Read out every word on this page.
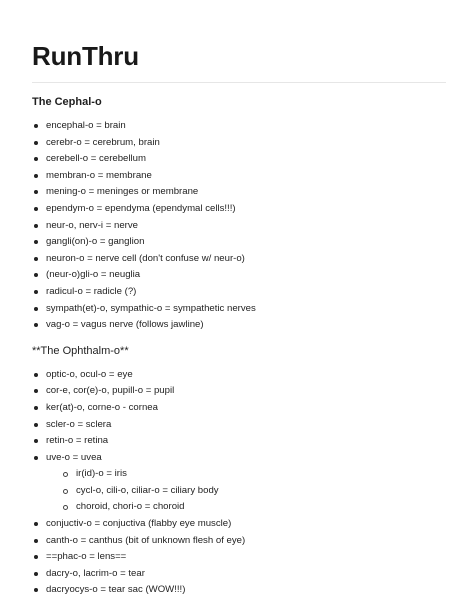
RunThru
The Cephal-o
encephal-o = brain
cerebr-o = cerebrum, brain
cerebell-o = cerebellum
membran-o = membrane
mening-o = meninges or membrane
ependym-o = ependyma (ependymal cells!!!)
neur-o, nerv-i = nerve
gangli(on)-o = ganglion
neuron-o = nerve cell (don't confuse w/ neur-o)
(neur-o)gli-o = neuglia
radicul-o = radicle (?)
sympath(et)-o, sympathic-o = sympathetic nerves
vag-o = vagus nerve (follows jawline)
**The Ophthalm-o**
optic-o, ocul-o = eye
cor-e, cor(e)-o, pupill-o = pupil
ker(at)-o, corne-o - cornea
scler-o = sclera
retin-o = retina
uve-o = uvea
ir(id)-o = iris
cycl-o, cili-o, ciliar-o = ciliary body
choroid, chori-o = choroid
conjuctiv-o = conjuctiva (flabby eye muscle)
canth-o = canthus (bit of unknown flesh of eye)
==phac-o = lens==
dacry-o, lacrim-o = tear
dacryocys-o = tear sac (WOW!!!)
